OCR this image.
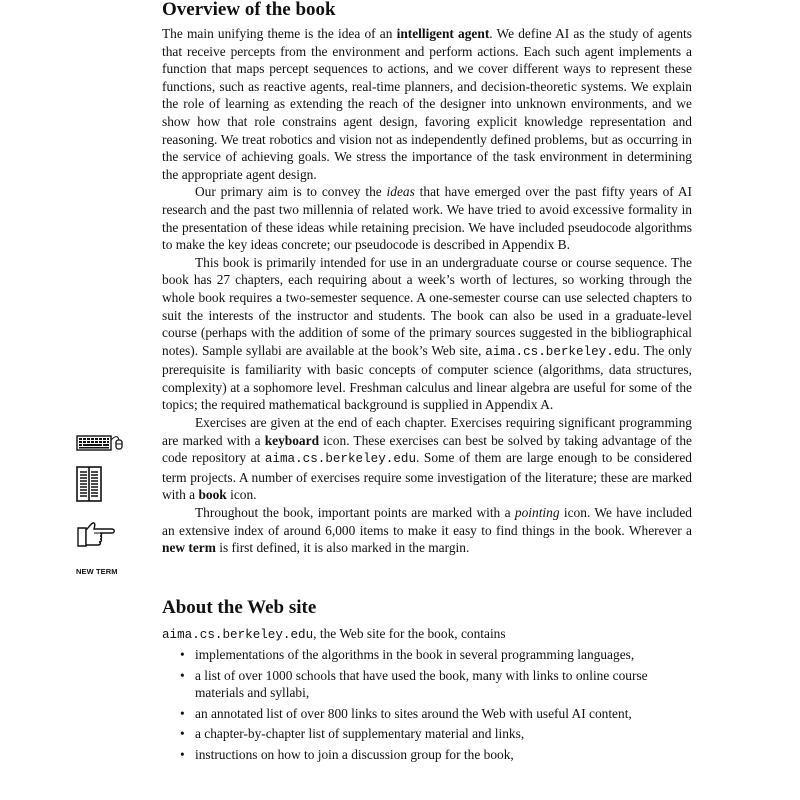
NEW TERM
Overview of the book

The main unifying theme is the idea of an intelligent agent. We define AI as the study of agents that receive percepts from the environment and perform actions. Each such agent implements a function that maps percept sequences to actions, and we cover different ways to represent these functions, such as reactive agents, real-time planners, and decision-theoretic systems. We explain the role of learning as extending the reach of the designer into unknown environments, and we show how that role constrains agent design, favoring explicit knowledge representation and reasoning. We treat robotics and vision not as independently defined problems, but as occurring in the service of achieving goals. We stress the importance of the task environment in determining the appropriate agent design.

Our primary aim is to convey the ideas that have emerged over the past fifty years of AI research and the past two millennia of related work. We have tried to avoid excessive formality in the presentation of these ideas while retaining precision. We have included pseudocode algorithms to make the key ideas concrete; our pseudocode is described in Appendix B.

This book is primarily intended for use in an undergraduate course or course sequence. The book has 27 chapters, each requiring about a week’s worth of lectures, so working through the whole book requires a two-semester sequence. A one-semester course can use selected chapters to suit the interests of the instructor and students. The book can also be used in a graduate-level course (perhaps with the addition of some of the primary sources suggested in the bibliographical notes). Sample syllabi are available at the book’s Web site, aima.cs.berkeley.edu. The only prerequisite is familiarity with basic concepts of computer science (algorithms, data structures, complexity) at a sophomore level. Freshman calculus and linear algebra are useful for some of the topics; the required mathematical background is supplied in Appendix A.

Exercises are given at the end of each chapter. Exercises requiring significant programming are marked with a keyboard icon. These exercises can best be solved by taking advantage of the code repository at aima.cs.berkeley.edu. Some of them are large enough to be considered term projects. A number of exercises require some investigation of the literature; these are marked with a book icon.

Throughout the book, important points are marked with a pointing icon. We have included an extensive index of around 6,000 items to make it easy to find things in the book. Wherever a new term is first defined, it is also marked in the margin.

About the Web site
aima.cs.berkeley.edu, the Web site for the book, contains
• implementations of the algorithms in the book in several programming languages,
• a list of over 1000 schools that have used the book, many with links to online course materials and syllabi,
• an annotated list of over 800 links to sites around the Web with useful AI content,
• a chapter-by-chapter list of supplementary material and links,
• instructions on how to join a discussion group for the book,
